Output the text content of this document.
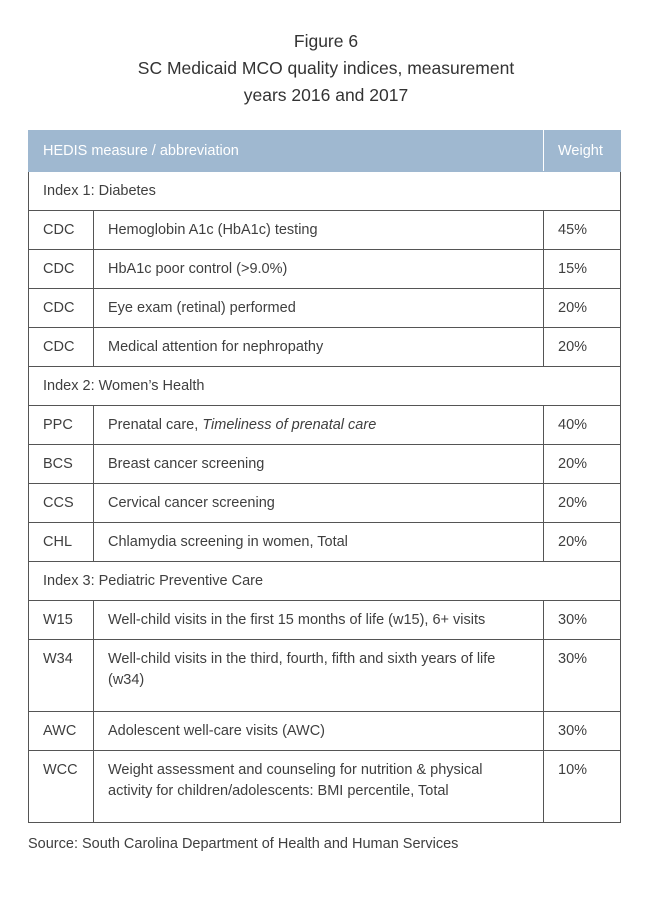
Figure 6
SC Medicaid MCO quality indices, measurement
years 2016 and 2017
HEDIS measure / abbreviation		Weight
Index 1: Diabetes		
CDC	Hemoglobin A1c (HbA1c) testing	45%
CDC	HbA1c poor control (>9.0%)	15%
CDC	Eye exam (retinal) performed	20%
CDC	Medical attention for nephropathy	20%
Index 2: Women’s Health		
PPC	Prenatal care, Timeliness of prenatal care	40%
BCS	Breast cancer screening	20%
CCS	Cervical cancer screening	20%
CHL	Chlamydia screening in women, Total	20%
Index 3: Pediatric Preventive Care		
W15	Well-child visits in the first 15 months of life (w15), 6+ visits	30%
W34	Well-child visits in the third, fourth, fifth and sixth years of life (w34)	30%
AWC	Adolescent well-care visits (AWC)	30%
WCC	Weight assessment and counseling for nutrition & physical activity for children/adolescents: BMI percentile, Total	10%
Source: South Carolina Department of Health and Human Services
